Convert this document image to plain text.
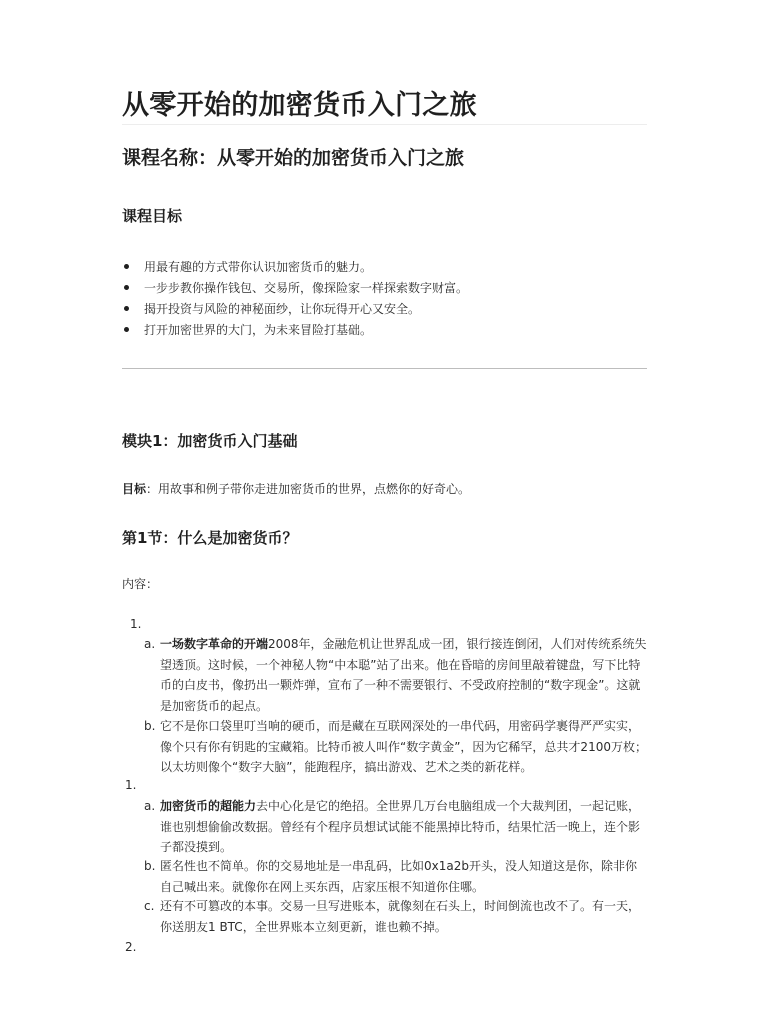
从零开始的加密货币入门之旅
课程名称：从零开始的加密货币入门之旅
课程目标
用最有趣的方式带你认识加密货币的魅力。
一步步教你操作钱包、交易所，像探险家一样探索数字财富。
揭开投资与风险的神秘面纱，让你玩得开心又安全。
打开加密世界的大门，为未来冒险打基础。
模块1：加密货币入门基础
目标：用故事和例子带你走进加密货币的世界，点燃你的好奇心。
第1节：什么是加密货币？
内容：
1.
a. 一场数字革命的开端2008年，金融危机让世界乱成一团，银行接连倒闭，人们对传统系统失望透顶。这时候，一个神秘人物“中本聪”站了出来。他在昏暗的房间里敲着键盘，写下比特币的白皮书，像扔出一颗炸弹，宣布了一种不需要银行、不受政府控制的“数字现金”。这就是加密货币的起点。
b. 它不是你口袋里叮当响的硬币，而是藏在互联网深处的一串代码，用密码学裹得严严实实，像个只有你有钥匙的宝藏箱。比特币被人叫作“数字黄金”，因为它稀罕，总共才2100万枚；以太坊则像个“数字大脑”，能跑程序，搞出游戏、艺术之类的新花样。
1.
a. 加密货币的超能力去中心化是它的绝招。全世界几万台电脑组成一个大裁判团，一起记账，谁也别想偷偷改数据。曾经有个程序员想试试能不能黑掉比特币，结果忙活一晚上，连个影子都没摸到。
b. 匿名性也不简单。你的交易地址是一串乱码，比如0x1a2b开头，没人知道这是你，除非你自己喊出来。就像你在网上买东西，店家压根不知道你住哪。
c. 还有不可篡改的本事。交易一旦写进账本，就像刻在石头上，时间倒流也改不了。有一天，你送朋友1 BTC，全世界账本立刻更新，谁也赖不掉。
2.
